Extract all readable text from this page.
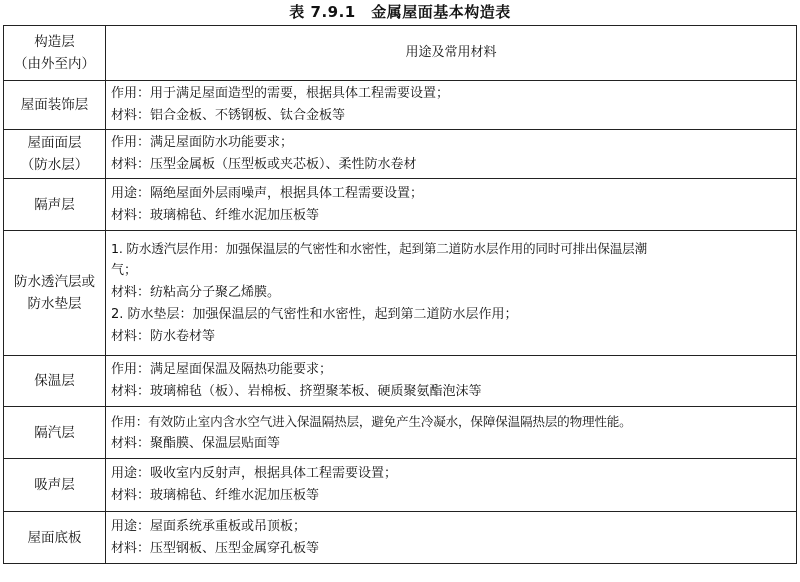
表 7.9.1　金属屋面基本构造表
构造层
（由外至内）	用途及常用材料

屋面装饰层	作用：用于满足屋面造型的需要，根据具体工程需要设置；
材料：铝合金板、不锈钢板、钛合金板等

屋面面层
（防水层）	作用：满足屋面防水功能要求；
材料：压型金属板（压型板或夹芯板）、柔性防水卷材

隔声层	用途：隔绝屋面外层雨噪声，根据具体工程需要设置；
材料：玻璃棉毡、纤维水泥加压板等

防水透汽层或
防水垫层	1. 防水透汽层作用：加强保温层的气密性和水密性，起到第二道防水层作用的同时可排出保温层潮
气；
材料：纺粘高分子聚乙烯膜。
2. 防水垫层：加强保温层的气密性和水密性，起到第二道防水层作用；
材料：防水卷材等

保温层	作用：满足屋面保温及隔热功能要求；
材料：玻璃棉毡（板）、岩棉板、挤塑聚苯板、硬质聚氨酯泡沫等

隔汽层	作用：有效防止室内含水空气进入保温隔热层，避免产生冷凝水，保障保温隔热层的物理性能。
材料：聚酯膜、保温层贴面等

吸声层	用途：吸收室内反射声，根据具体工程需要设置；
材料：玻璃棉毡、纤维水泥加压板等

屋面底板	用途：屋面系统承重板或吊顶板；
材料：压型钢板、压型金属穿孔板等
